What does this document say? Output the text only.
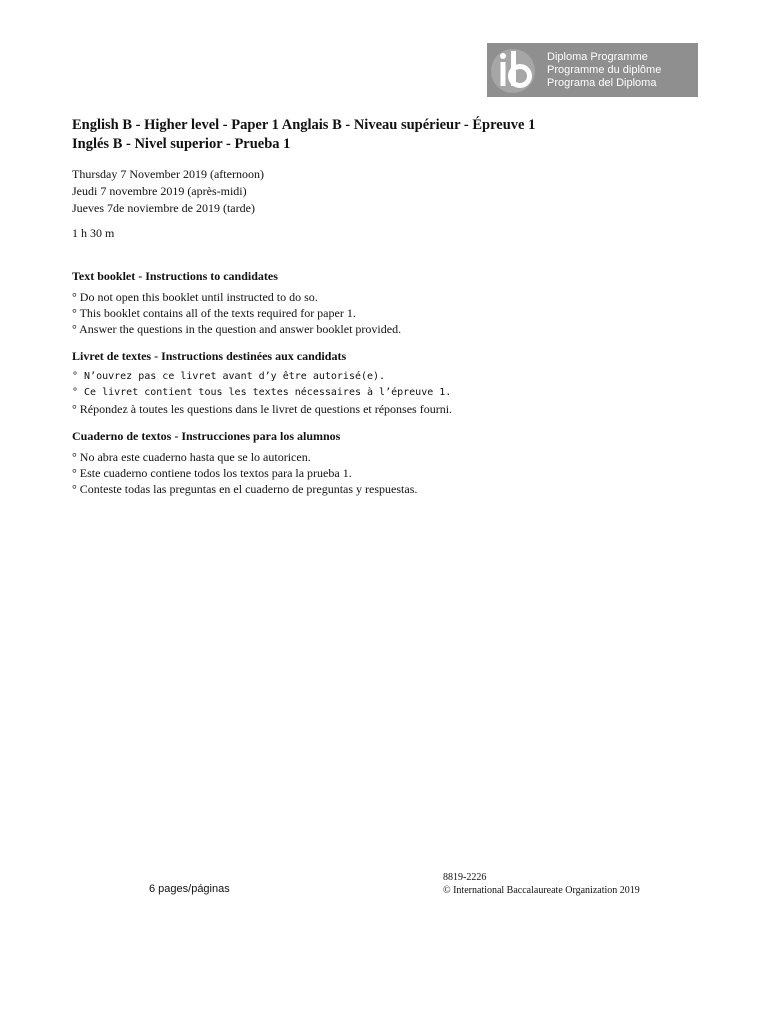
Diploma Programme
Programme du diplôme
Programa del Diploma
English B - Higher level - Paper 1 Anglais B - Niveau supérieur - Épreuve 1
Inglés B - Nivel superior - Prueba 1
Thursday 7 November 2019 (afternoon)
Jeudi 7 novembre 2019 (après-midi)
Jueves 7de noviembre de 2019 (tarde)
1 h 30 m
Text booklet - Instructions to candidates
° Do not open this booklet until instructed to do so.
° This booklet contains all of the texts required for paper 1.
° Answer the questions in the question and answer booklet provided.
Livret de textes - Instructions destinées aux candidats
° N’ouvrez pas ce livret avant d’y être autorisé(e).
° Ce livret contient tous les textes nécessaires à l’épreuve 1.
° Répondez à toutes les questions dans le livret de questions et réponses fourni.
Cuaderno de textos - Instrucciones para los alumnos
° No abra este cuaderno hasta que se lo autoricen.
° Este cuaderno contiene todos los textos para la prueba 1.
° Conteste todas las preguntas en el cuaderno de preguntas y respuestas.
6 pages/páginas
8819-2226
© International Baccalaureate Organization 2019
